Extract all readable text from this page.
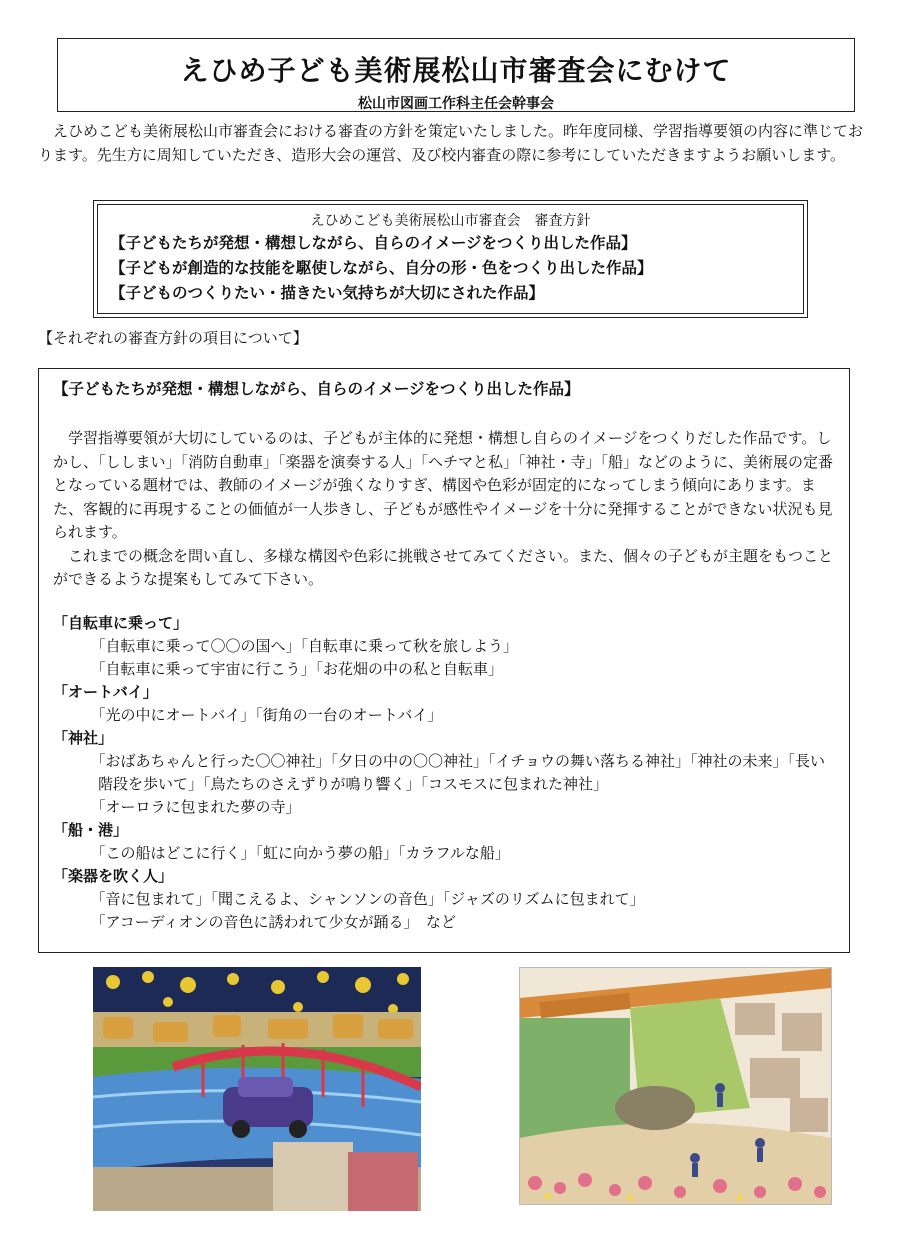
えひめ子ども美術展松山市審査会にむけて
松山市図画工作科主任会幹事会

えひめこども美術展松山市審査会における審査の方針を策定いたしました。昨年度同様、学習指導要領の内容に準じております。先生方に周知していただき、造形大会の運営、及び校内審査の際に参考にしていただきますようお願いします。

えひめこども美術展松山市審査会　審査方針
【子どもたちが発想・構想しながら、自らのイメージをつくり出した作品】
【子どもが創造的な技能を駆使しながら、自分の形・色をつくり出した作品】
【子どものつくりたい・描きたい気持ちが大切にされた作品】
【それぞれの審査方針の項目について】
【子どもたちが発想・構想しながら、自らのイメージをつくり出した作品】

学習指導要領が大切にしているのは、子どもが主体的に発想・構想し自らのイメージをつくりだした作品です。しかし、「ししまい」「消防自動車」「楽器を演奏する人」「ヘチマと私」「神社・寺」「船」などのように、美術展の定番となっている題材では、教師のイメージが強くなりすぎ、構図や色彩が固定的になってしまう傾向にあります。また、客観的に再現することの価値が一人歩きし、子どもが感性やイメージを十分に発揮することができない状況も見られます。

これまでの概念を問い直し、多様な構図や色彩に挑戦させてみてください。また、個々の子どもが主題をもつことができるような提案もしてみて下さい。

「自転車に乗って」
「自転車に乗って〇〇の国へ」「自転車に乗って秋を旅しよう」
「自転車に乗って宇宙に行こう」「お花畑の中の私と自転車」
「オートバイ」
「光の中にオートバイ」「街角の一台のオートバイ」
「神社」
「おばあちゃんと行った〇〇神社」「夕日の中の〇〇神社」「イチョウの舞い落ちる神社」「神社の未来」「長い階段を歩いて」「鳥たちのさえずりが鳴り響く」「コスモスに包まれた神社」
「オーロラに包まれた夢の寺」
「船・港」
「この船はどこに行く」「虹に向かう夢の船」「カラフルな船」
「楽器を吹く人」
「音に包まれて」「聞こえるよ、シャンソンの音色」「ジャズのリズムに包まれて」
「アコーディオンの音色に誘われて少女が踊る」　など
